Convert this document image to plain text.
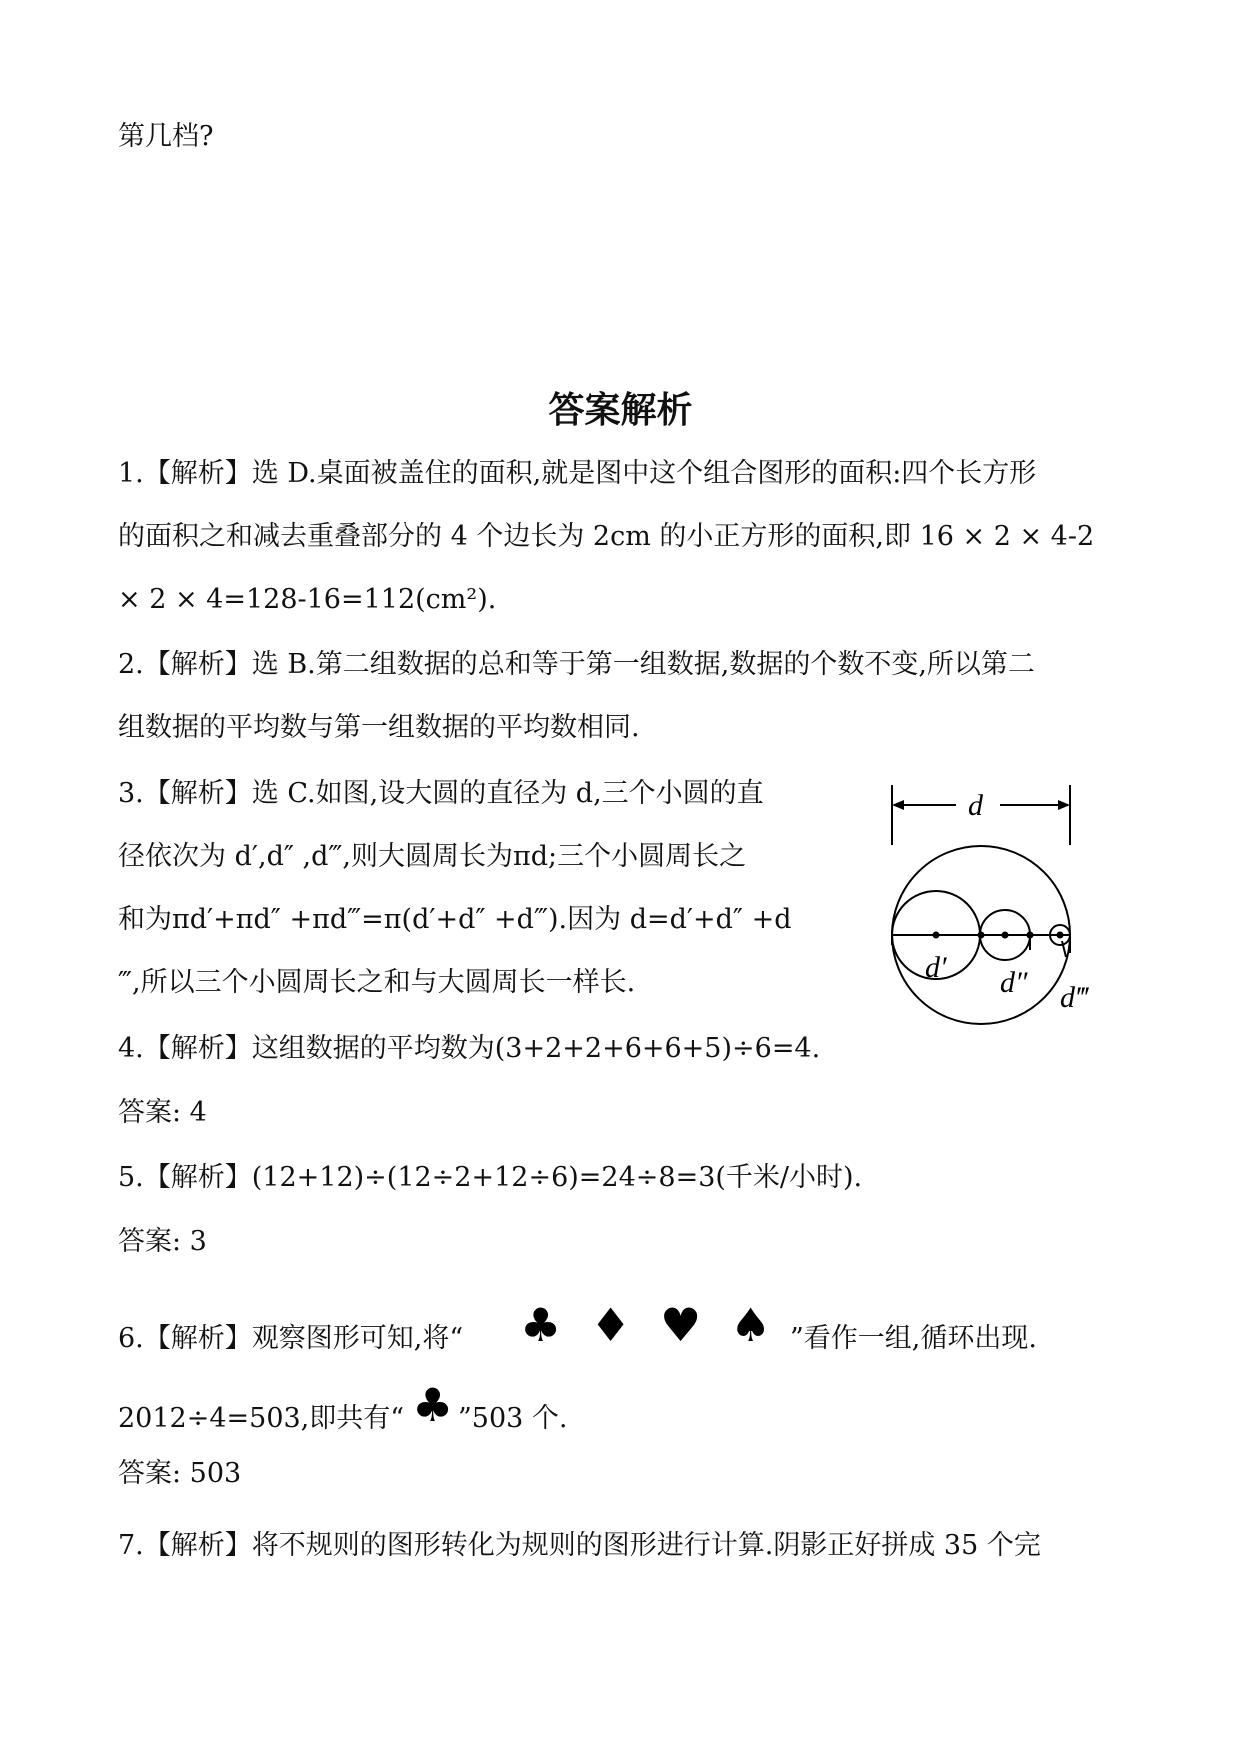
第几档?

答案解析

1.【解析】选 D.桌面被盖住的面积,就是图中这个组合图形的面积:四个长方形

的面积之和减去重叠部分的 4 个边长为 2cm 的小正方形的面积,即 16 × 2 × 4-2

× 2 × 4=128-16=112(cm²).

2.【解析】选 B.第二组数据的总和等于第一组数据,数据的个数不变,所以第二

组数据的平均数与第一组数据的平均数相同.

3.【解析】选 C.如图,设大圆的直径为 d,三个小圆的直

径依次为 d′,d″ ,d‴,则大圆周长为πd;三个小圆周长之

和为πd′+πd″ +πd‴=π(d′+d″ +d‴).因为 d=d′+d″ +d

‴,所以三个小圆周长之和与大圆周长一样长.

d
d′ d″ d‴

4.【解析】这组数据的平均数为(3+2+2+6+6+5)÷6=4.

答案: 4

5.【解析】(12+12)÷(12÷2+12÷6)=24÷8=3(千米/小时).

答案: 3

6.【解析】观察图形可知,将“ ♣ ♦ ♥ ♠ ”看作一组,循环出现.

2012÷4=503,即共有“ ♣ ”503 个.

答案: 503

7.【解析】将不规则的图形转化为规则的图形进行计算.阴影正好拼成 35 个完
